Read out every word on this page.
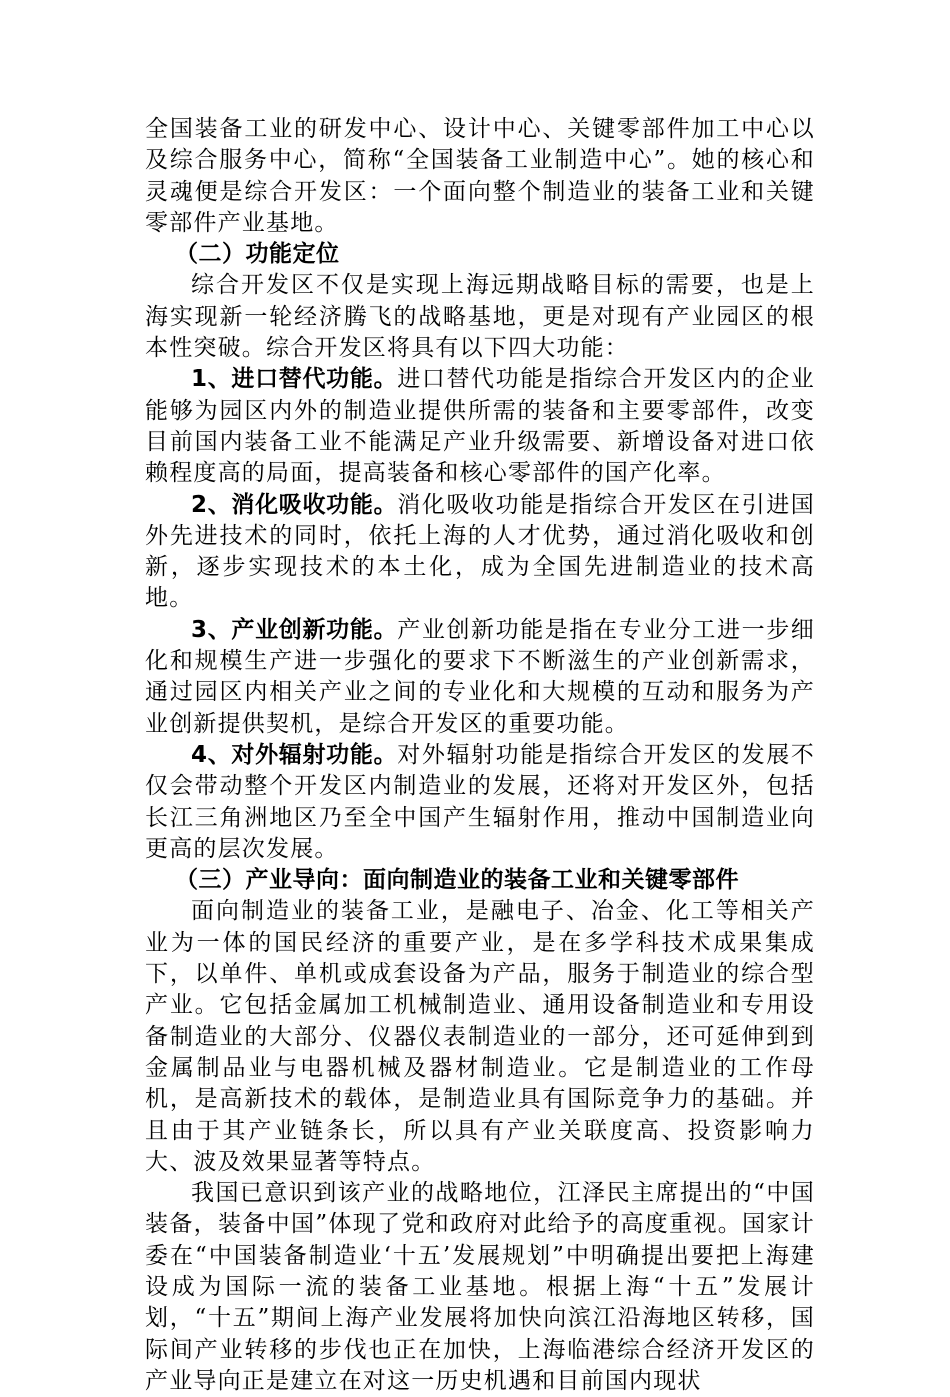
全国装备工业的研发中心、设计中心、关键零部件加工中心以及综合服务中心，简称“全国装备工业制造中心”。她的核心和灵魂便是综合开发区：一个面向整个制造业的装备工业和关键零部件产业基地。

（二）功能定位

综合开发区不仅是实现上海远期战略目标的需要，也是上海实现新一轮经济腾飞的战略基地，更是对现有产业园区的根本性突破。综合开发区将具有以下四大功能：

1、进口替代功能。进口替代功能是指综合开发区内的企业能够为园区内外的制造业提供所需的装备和主要零部件，改变目前国内装备工业不能满足产业升级需要、新增设备对进口依赖程度高的局面，提高装备和核心零部件的国产化率。

2、消化吸收功能。消化吸收功能是指综合开发区在引进国外先进技术的同时，依托上海的人才优势，通过消化吸收和创新，逐步实现技术的本土化，成为全国先进制造业的技术高地。

3、产业创新功能。产业创新功能是指在专业分工进一步细化和规模生产进一步强化的要求下不断滋生的产业创新需求，通过园区内相关产业之间的专业化和大规模的互动和服务为产业创新提供契机，是综合开发区的重要功能。

4、对外辐射功能。对外辐射功能是指综合开发区的发展不仅会带动整个开发区内制造业的发展，还将对开发区外，包括长江三角洲地区乃至全中国产生辐射作用，推动中国制造业向更高的层次发展。

（三）产业导向：面向制造业的装备工业和关键零部件

面向制造业的装备工业，是融电子、冶金、化工等相关产业为一体的国民经济的重要产业，是在多学科技术成果集成下，以单件、单机或成套设备为产品，服务于制造业的综合型产业。它包括金属加工机械制造业、通用设备制造业和专用设备制造业的大部分、仪器仪表制造业的一部分，还可延伸到到金属制品业与电器机械及器材制造业。它是制造业的工作母机，是高新技术的载体，是制造业具有国际竞争力的基础。并且由于其产业链条长，所以具有产业关联度高、投资影响力大、波及效果显著等特点。

我国已意识到该产业的战略地位，江泽民主席提出的“中国装备，装备中国”体现了党和政府对此给予的高度重视。国家计委在“中国装备制造业‘十五’发展规划”中明确提出要把上海建设成为国际一流的装备工业基地。根据上海“十五”发展计划，“十五”期间上海产业发展将加快向滨江沿海地区转移，国际间产业转移的步伐也正在加快，上海临港综合经济开发区的产业导向正是建立在对这一历史机遇和目前国内现状
